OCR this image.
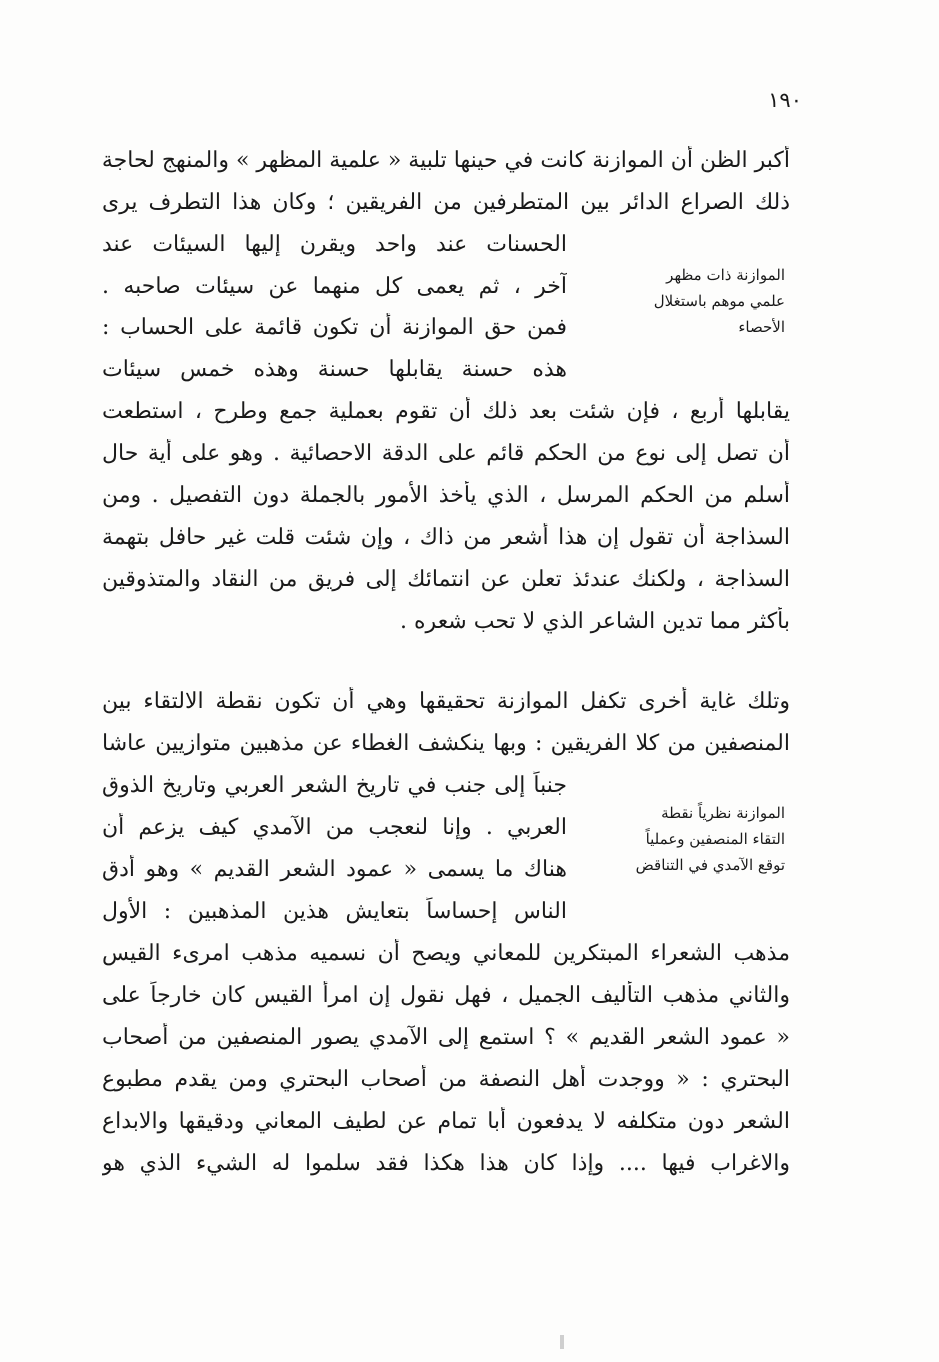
١٩٠
أكبر الظن أن الموازنة كانت في حينها تلبية « علمية المظهر » والمنهج لحاجة
ذلك الصراع الدائر بين المتطرفين من الفريقين ؛ وكان هذا التطرف يرى
الحسنات عند واحد ويقرن إليها السيئات عند
آخر ، ثم يعمى كل منهما عن سيئات صاحبه .
فمن حق الموازنة أن تكون قائمة على الحساب :
هذه حسنة يقابلها حسنة وهذه خمس سيئات
الموازنة ذات مظهر
علمي موهم باستغلال
الأحصاء
يقابلها أربع ، فإن شئت بعد ذلك أن تقوم بعملية جمع وطرح ، استطعت
أن تصل إلى نوع من الحكم قائم على الدقة الاحصائية . وهو على أية حال
أسلم من الحكم المرسل ، الذي يأخذ الأمور بالجملة دون التفصيل . ومن
السذاجة أن تقول إن هذا أشعر من ذاك ، وإن شئت قلت غير حافل بتهمة
السذاجة ، ولكنك عندئذ تعلن عن انتمائك إلى فريق من النقاد والمتذوقين
بأكثر مما تدين الشاعر الذي لا تحب شعره .
وتلك غاية أخرى تكفل الموازنة تحقيقها وهي أن تكون نقطة الالتقاء بين
المنصفين من كلا الفريقين : وبها ينكشف الغطاء عن مذهبين متوازيين عاشا
جنباً إلى جنب في تاريخ الشعر العربي وتاريخ الذوق
العربي . وإنا لنعجب من الآمدي كيف يزعم أن
هناك ما يسمى « عمود الشعر القديم » وهو أدق
الناس إحساساً بتعايش هذين المذهبين : الأول
الموازنة نظرياً نقطة
التقاء المنصفين وعملياً
توقع الآمدي في التناقض
مذهب الشعراء المبتكرين للمعاني ويصح أن نسميه مذهب امرىء القيس
والثاني مذهب التأليف الجميل ، فهل نقول إن امرأ القيس كان خارجاً على
« عمود الشعر القديم » ؟ استمع إلى الآمدي يصور المنصفين من أصحاب
البحتري : « ووجدت أهل النصفة من أصحاب البحتري ومن يقدم مطبوع
الشعر دون متكلفه لا يدفعون أبا تمام عن لطيف المعاني ودقيقها والابداع
والاغراب فيها .... وإذا كان هذا هكذا فقد سلموا له الشيء الذي هو
